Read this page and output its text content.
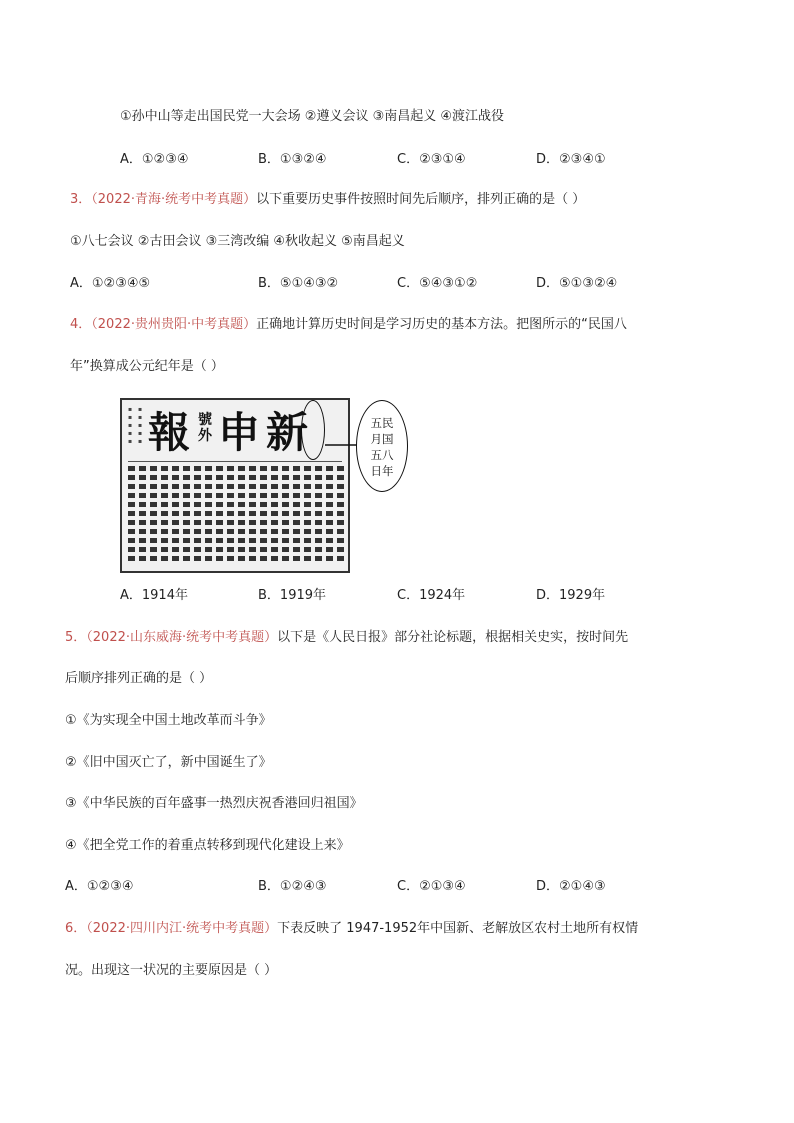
①孙中山等走出国民党一大会场 ②遵义会议 ③南昌起义 ④渡江战役
A．①②③④	B．①③②④	C．②③①④	D．②③④①
3．（2022·青海·统考中考真题）以下重要历史事件按照时间先后顺序，排列正确的是（ ）
①八七会议 ②古田会议 ③三湾改编 ④秋收起义 ⑤南昌起义
A．①②③④⑤	B．⑤①④③②	C．⑤④③①②	D．⑤①③②④
4．（2022·贵州贵阳·中考真题）正确地计算历史时间是学习历史的基本方法。把图所示的“民国八
年”换算成公元纪年是（ ）
▪
▪
▪
▪
▪
▪
▪
▪
▪
▪ 報 號外 申 新	五民
月国
五八
日年
A．1914年	B．1919年	C．1924年	D．1929年
5．（2022·山东威海·统考中考真题）以下是《人民日报》部分社论标题，根据相关史实，按时间先
后顺序排列正确的是（ ）
①《为实现全中国土地改革而斗争》
②《旧中国灭亡了，新中国诞生了》
③《中华民族的百年盛事一热烈庆祝香港回归祖国》
④《把全党工作的着重点转移到现代化建设上来》
A．①②③④	B．①②④③	C．②①③④	D．②①④③
6．（2022·四川内江·统考中考真题）下表反映了 1947-1952年中国新、老解放区农村土地所有权情
况。出现这一状况的主要原因是（ ）
